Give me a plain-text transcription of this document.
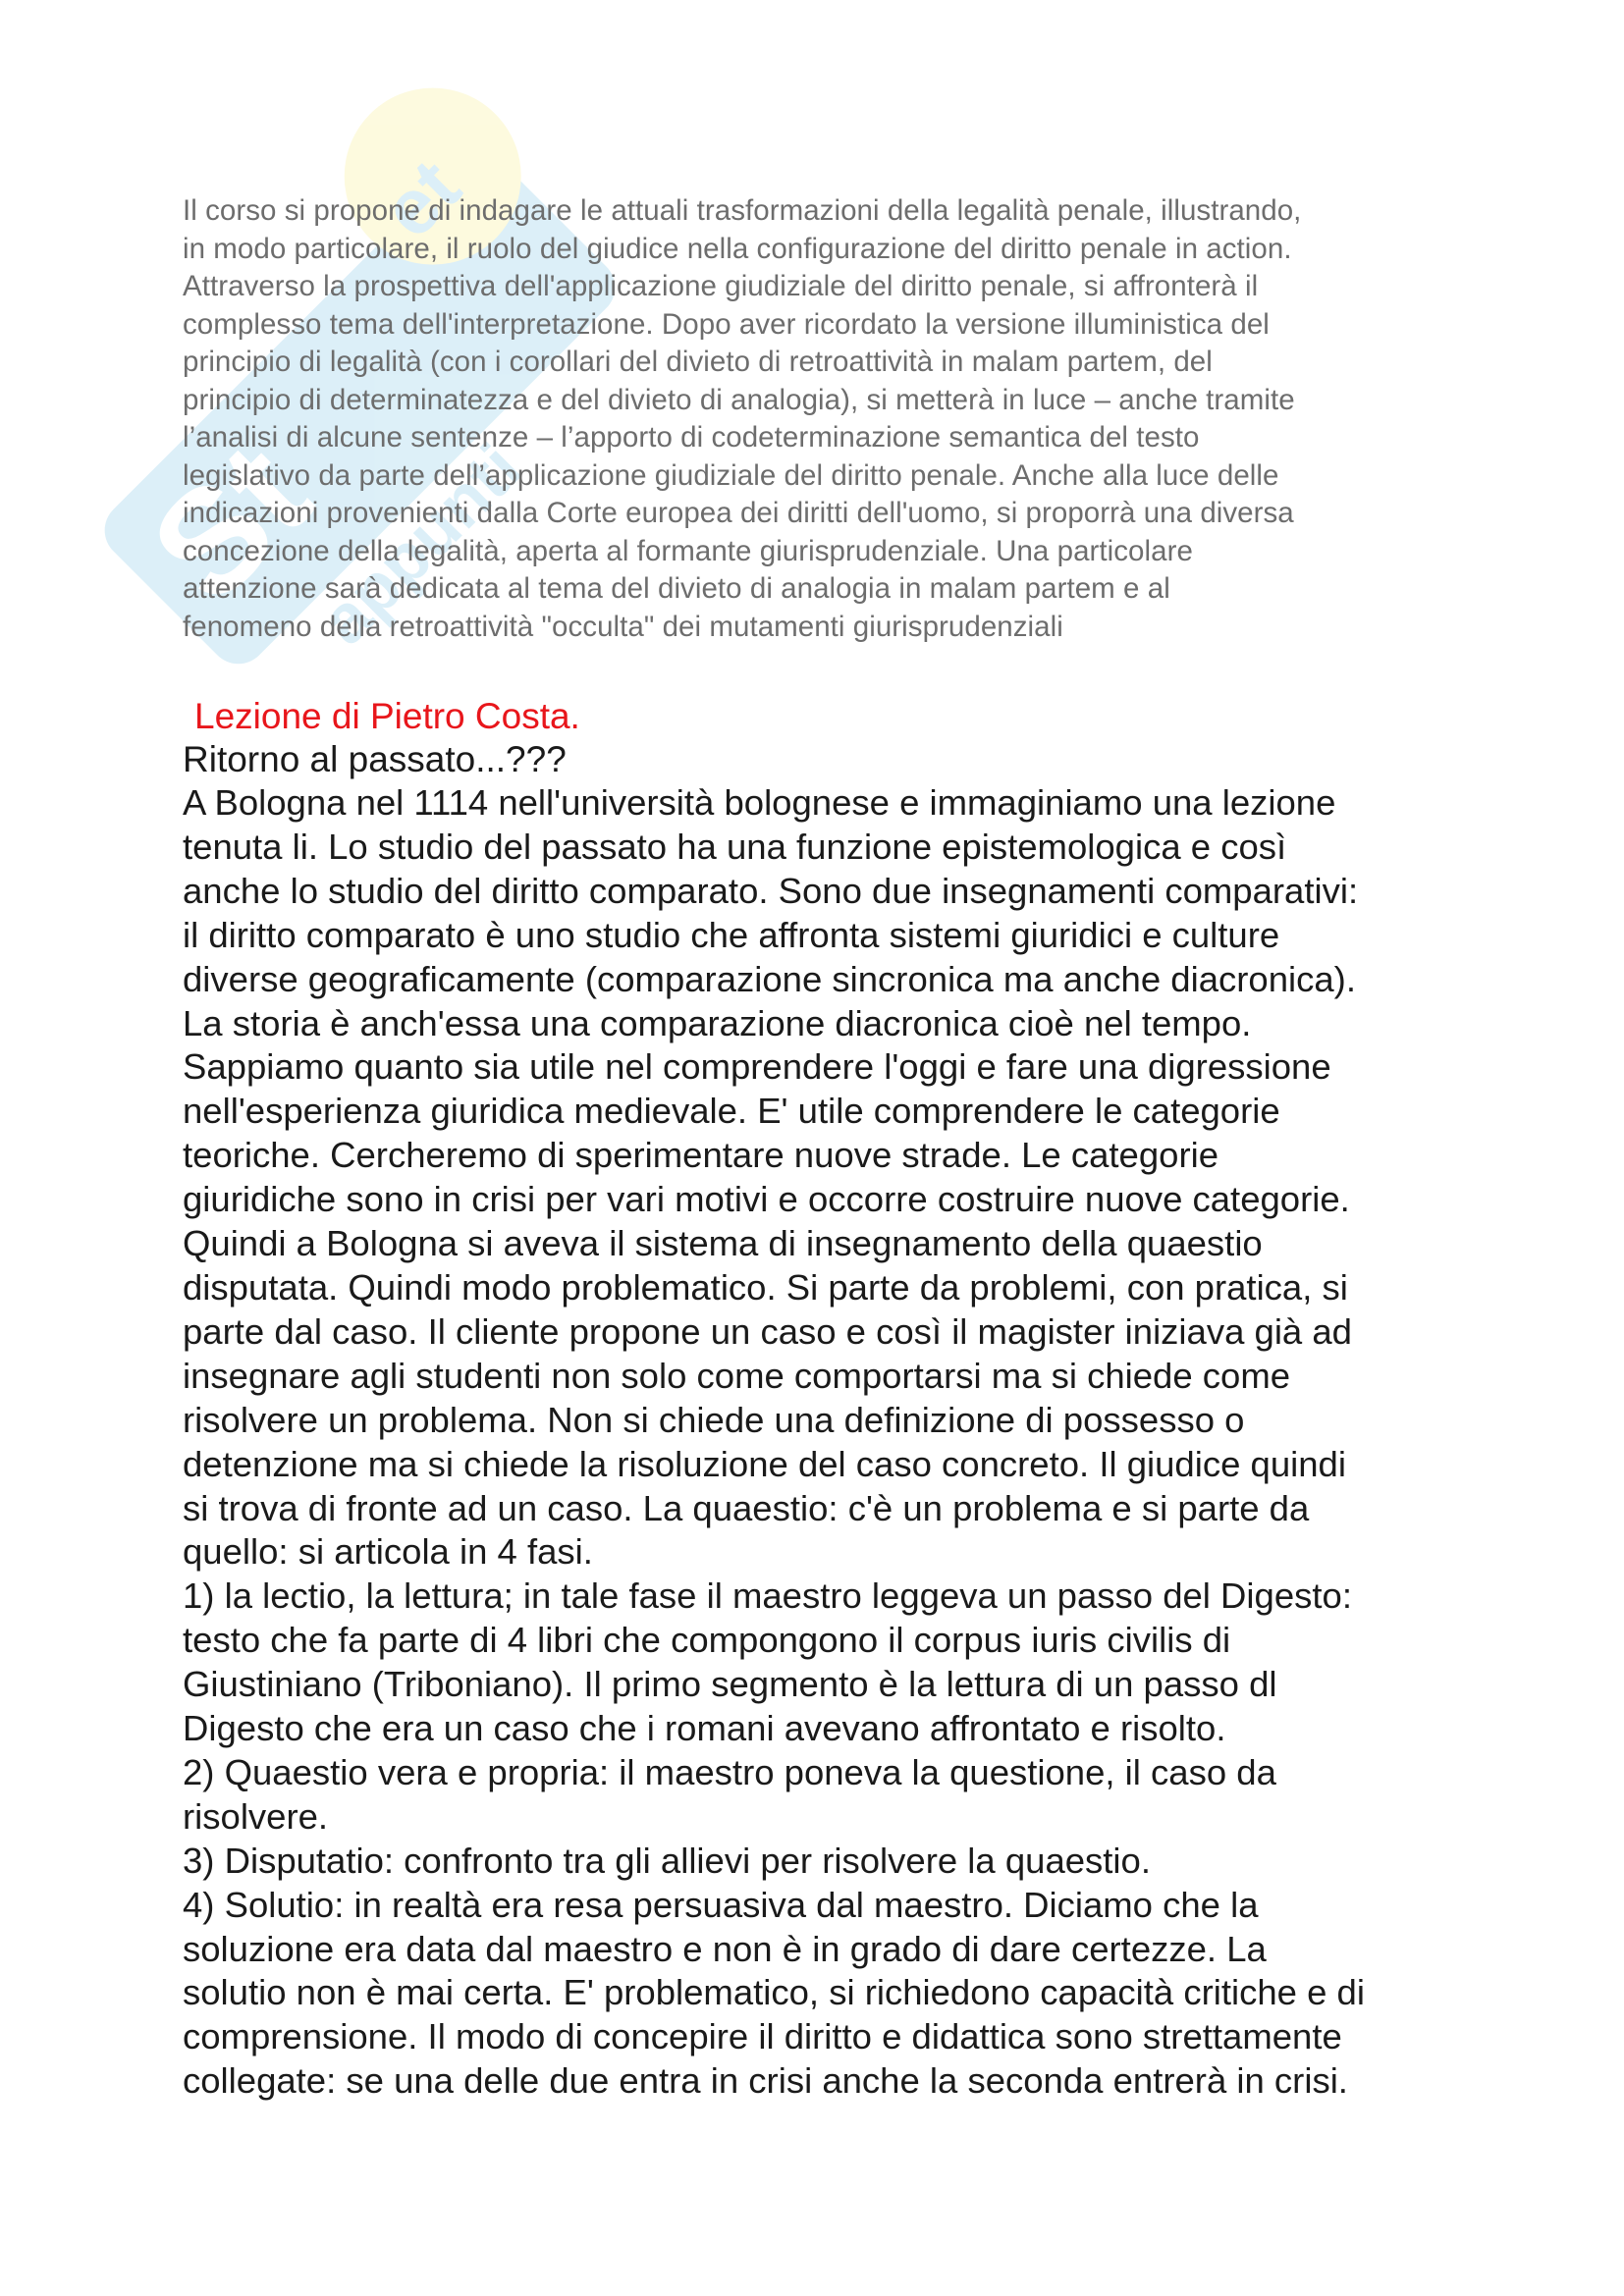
St
et
appunti

Il corso si propone di indagare le attuali trasformazioni della legalità penale, illustrando,
in modo particolare, il ruolo del giudice nella configurazione del diritto penale in action.
Attraverso la prospettiva dell'applicazione giudiziale del diritto penale, si affronterà il
complesso tema dell'interpretazione. Dopo aver ricordato la versione illuministica del
principio di legalità (con i corollari del divieto di retroattività in malam partem, del
principio di determinatezza e del divieto di analogia), si metterà in luce – anche tramite
l’analisi di alcune sentenze – l’apporto di codeterminazione semantica del testo
legislativo da parte dell’applicazione giudiziale del diritto penale. Anche alla luce delle
indicazioni provenienti dalla Corte europea dei diritti dell'uomo, si proporrà una diversa
concezione della legalità, aperta al formante giurisprudenziale. Una particolare
attenzione sarà dedicata al tema del divieto di analogia in malam partem e al
fenomeno della retroattività "occulta" dei mutamenti giurisprudenziali

Lezione di Pietro Costa.
Ritorno al passato...???

A Bologna nel 1114 nell'università bolognese e immaginiamo una lezione
tenuta li. Lo studio del passato ha una funzione epistemologica e così
anche lo studio del diritto comparato. Sono due insegnamenti comparativi:
il diritto comparato è uno studio che affronta sistemi giuridici e culture
diverse geograficamente (comparazione sincronica ma anche diacronica).
La storia è anch'essa una comparazione diacronica cioè nel tempo.
Sappiamo quanto sia utile nel comprendere l'oggi e fare una digressione
nell'esperienza giuridica medievale. E' utile comprendere le categorie
teoriche. Cercheremo di sperimentare nuove strade. Le categorie
giuridiche sono in crisi per vari motivi e occorre costruire nuove categorie.
Quindi a Bologna si aveva il sistema di insegnamento della quaestio
disputata. Quindi modo problematico. Si parte da problemi, con pratica, si
parte dal caso. Il cliente propone un caso e così il magister iniziava già ad
insegnare agli studenti non solo come comportarsi ma si chiede come
risolvere un problema. Non si chiede una definizione di possesso o
detenzione ma si chiede la risoluzione del caso concreto. Il giudice quindi
si trova di fronte ad un caso. La quaestio: c'è un problema e si parte da
quello: si articola in 4 fasi.
1) la lectio, la lettura; in tale fase il maestro leggeva un passo del Digesto:
testo che fa parte di 4 libri che compongono il corpus iuris civilis di
Giustiniano (Triboniano). Il primo segmento è la lettura di un passo dl
Digesto che era un caso che i romani avevano affrontato e risolto.
2) Quaestio vera e propria: il maestro poneva la questione, il caso da
risolvere.
3) Disputatio: confronto tra gli allievi per risolvere la quaestio.
4) Solutio: in realtà era resa persuasiva dal maestro. Diciamo che la
soluzione era data dal maestro e non è in grado di dare certezze. La
solutio non è mai certa. E' problematico, si richiedono capacità critiche e di
comprensione. Il modo di concepire il diritto e didattica sono strettamente
collegate: se una delle due entra in crisi anche la seconda entrerà in crisi.
